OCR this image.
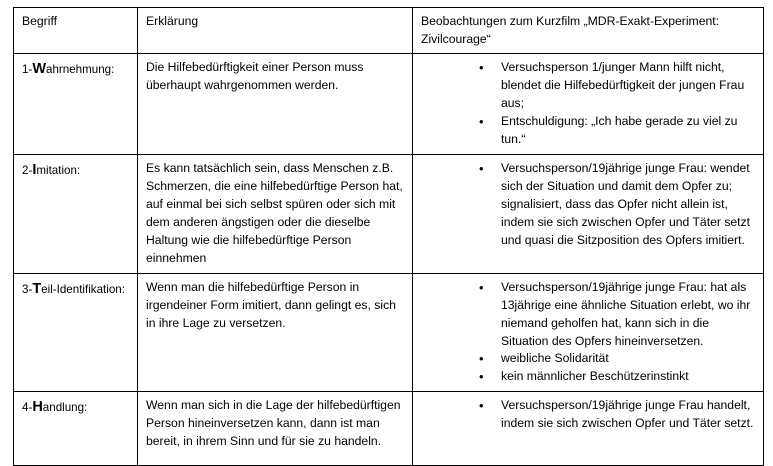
Begriff	Erklärung	Beobachtungen zum Kurzfilm „MDR-Exakt-Experiment: Zivilcourage“

1-Wahrnehmung:	Die Hilfebedürftigkeit einer Person muss überhaupt wahrgenommen werden.	
• Versuchsperson 1/junger Mann hilft nicht, blendet die Hilfebedürftigkeit der jungen Frau aus;
• Entschuldigung: „Ich habe gerade zu viel zu tun.“

2-Imitation:	Es kann tatsächlich sein, dass Menschen z.B. Schmerzen, die eine hilfebedürftige Person hat, auf einmal bei sich selbst spüren oder sich mit dem anderen ängstigen oder die dieselbe Haltung wie die hilfebedürftige Person einnehmen	
• Versuchsperson/19jährige junge Frau: wendet sich der Situation und damit dem Opfer zu; signalisiert, dass das Opfer nicht allein ist, indem sie sich zwischen Opfer und Täter setzt und quasi die Sitzposition des Opfers imitiert.

3-Teil-Identifikation:	Wenn man die hilfebedürftige Person in irgendeiner Form imitiert, dann gelingt es, sich in ihre Lage zu versetzen.	
• Versuchsperson/19jährige junge Frau: hat als 13jährige eine ähnliche Situation erlebt, wo ihr niemand geholfen hat, kann sich in die Situation des Opfers hineinversetzen.
• weibliche Solidarität
• kein männlicher Beschützerinstinkt

4-Handlung:	Wenn man sich in die Lage der hilfebedürftigen Person hineinversetzen kann, dann ist man bereit, in ihrem Sinn und für sie zu handeln.	
• Versuchsperson/19jährige junge Frau handelt, indem sie sich zwischen Opfer und Täter setzt.
